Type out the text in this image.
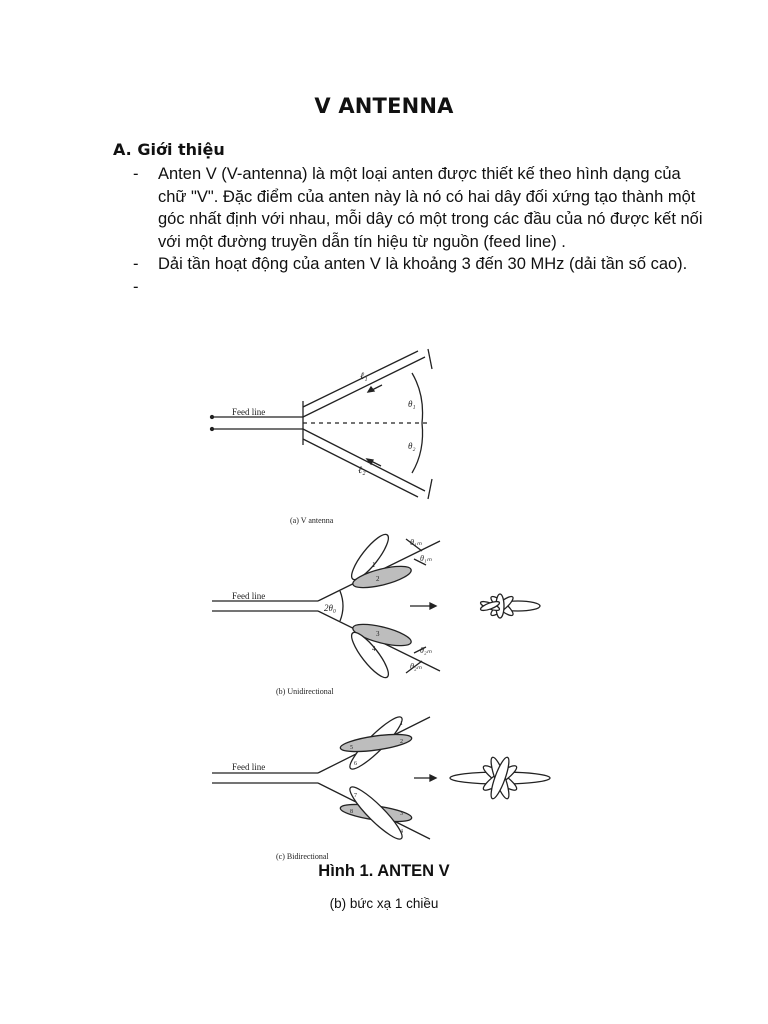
V ANTENNA
A. Giới thiệu
- Anten V (V-antenna) là một loại anten được thiết kế theo hình dạng của chữ "V". Đặc điểm của anten này là nó có hai dây đối xứng tạo thành một góc nhất định với nhau, mỗi dây có một trong các đầu của nó được kết nối với một đường truyền dẫn tín hiệu từ nguồn (feed line) .
- Dải tần hoạt động của anten V là khoảng 3 đến 30 MHz (dải tần số cao).
-
Feed line
ℓ₁
ℓ₂
θ₁
θ₂
(a) V antenna
Feed line
2θ₀
1
2
3
4
θ₁ₘ
θ₁ₘ
θ₂ₘ
θ₂ₘ
(b) Unidirectional
Feed line
1
2
5
6
7
8	3
4
(c) Bidirectional
Hình 1. ANTEN V
(b) bức xạ 1 chiều
